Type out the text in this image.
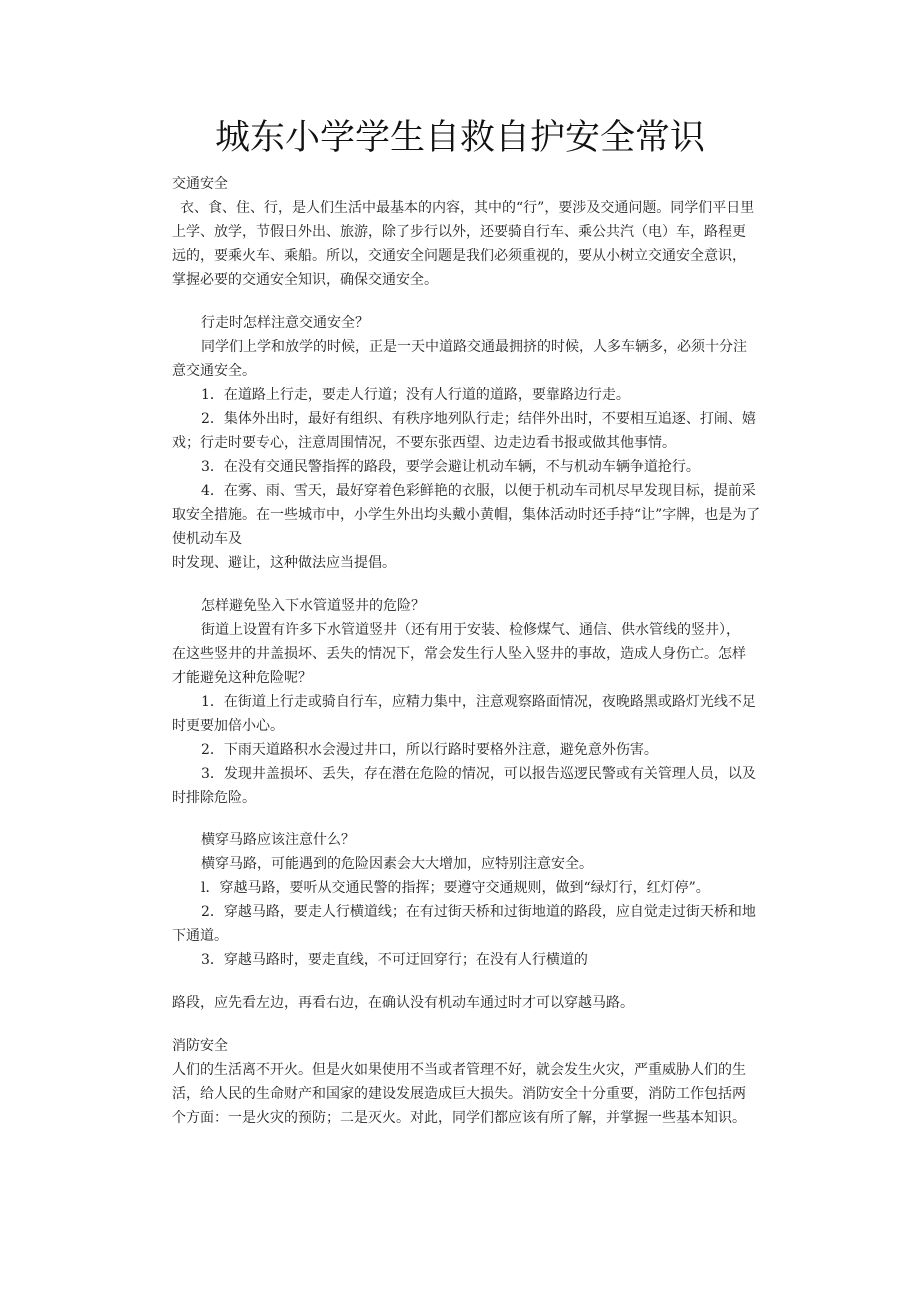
城东小学学生自救自护安全常识
交通安全
衣、食、住、行，是人们生活中最基本的内容，其中的“行”，要涉及交通问题。同学们平日里
上学、放学，节假日外出、旅游，除了步行以外，还要骑自行车、乘公共汽（电）车，路程更
远的，要乘火车、乘船。所以，交通安全问题是我们必须重视的，要从小树立交通安全意识，
掌握必要的交通安全知识，确保交通安全。
行走时怎样注意交通安全？
同学们上学和放学的时候，正是一天中道路交通最拥挤的时候，人多车辆多，必须十分注
意交通安全。
1．在道路上行走，要走人行道；没有人行道的道路，要靠路边行走。
2．集体外出时，最好有组织、有秩序地列队行走；结伴外出时，不要相互追逐、打闹、嬉
戏；行走时要专心，注意周围情况，不要东张西望、边走边看书报或做其他事情。
3．在没有交通民警指挥的路段，要学会避让机动车辆，不与机动车辆争道抢行。
4．在雾、雨、雪天，最好穿着色彩鲜艳的衣服，以便于机动车司机尽早发现目标，提前采
取安全措施。在一些城市中，小学生外出均头戴小黄帽，集体活动时还手持“让”字牌，也是为了
使机动车及
时发现、避让，这种做法应当提倡。
怎样避免坠入下水管道竖井的危险？
街道上设置有许多下水管道竖井（还有用于安装、检修煤气、通信、供水管线的竖井），
在这些竖井的井盖损坏、丢失的情况下，常会发生行人坠入竖井的事故，造成人身伤亡。怎样
才能避免这种危险呢？
1．在街道上行走或骑自行车，应精力集中，注意观察路面情况，夜晚路黑或路灯光线不足
时更要加倍小心。
2．下雨天道路积水会漫过井口，所以行路时要格外注意，避免意外伤害。
3．发现井盖损坏、丢失，存在潜在危险的情况，可以报告巡逻民警或有关管理人员，以及
时排除危险。
横穿马路应该注意什么？
横穿马路，可能遇到的危险因素会大大增加，应特别注意安全。
l．穿越马路，要听从交通民警的指挥；要遵守交通规则，做到“绿灯行，红灯停”。
2．穿越马路，要走人行横道线；在有过街天桥和过街地道的路段，应自觉走过街天桥和地
下通道。
3．穿越马路时，要走直线，不可迂回穿行；在没有人行横道的
路段，应先看左边，再看右边，在确认没有机动车通过时才可以穿越马路。
消防安全
人们的生活离不开火。但是火如果使用不当或者管理不好，就会发生火灾，严重威胁人们的生
活，给人民的生命财产和国家的建设发展造成巨大损失。消防安全十分重要，消防工作包括两
个方面：一是火灾的预防；二是灭火。对此，同学们都应该有所了解，并掌握一些基本知识。
